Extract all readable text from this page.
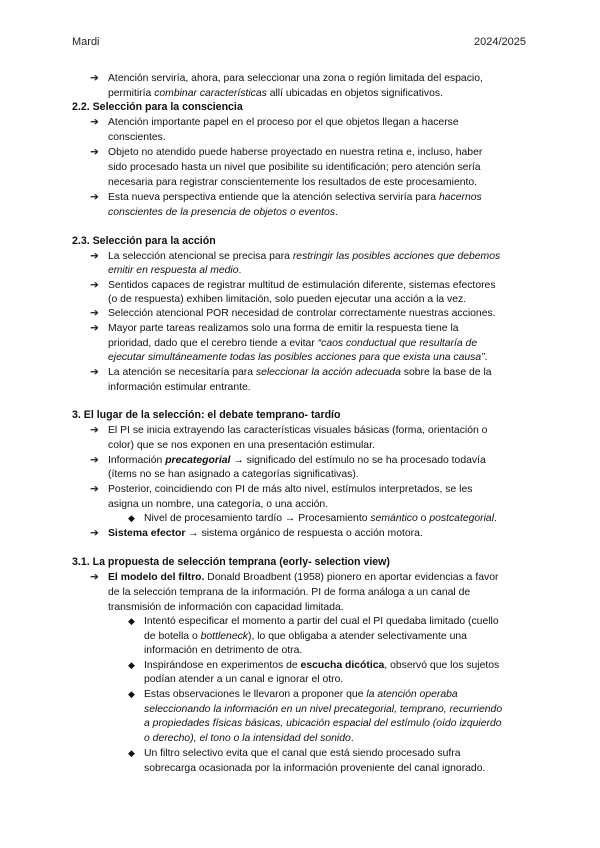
Mardi	2024/2025
➔ Atención serviría, ahora, para seleccionar una zona o región limitada del espacio,
permitiría combinar características allí ubicadas en objetos significativos.
2.2. Selección para la consciencia
➔ Atención importante papel en el proceso por el que objetos llegan a hacerse
conscientes.
➔ Objeto no atendido puede haberse proyectado en nuestra retina e, incluso, haber
sido procesado hasta un nivel que posibilite su identificación; pero atención sería
necesaria para registrar conscientemente los resultados de este procesamiento.
➔ Esta nueva perspectiva entiende que la atención selectiva serviría para hacernos
conscientes de la presencia de objetos o eventos.
2.3. Selección para la acción
➔ La selección atencional se precisa para restringir las posibles acciones que debemos
emitir en respuesta al medio.
➔ Sentidos capaces de registrar multitud de estimulación diferente, sistemas efectores
(o de respuesta) exhiben limitación, solo pueden ejecutar una acción a la vez.
➔ Selección atencional POR necesidad de controlar correctamente nuestras acciones.
➔ Mayor parte tareas realizamos solo una forma de emitir la respuesta tiene la
prioridad, dado que el cerebro tiende a evitar “caos conductual que resultaría de
ejecutar simultáneamente todas las posibles acciones para que exista una causa”.
➔ La atención se necesitaría para seleccionar la acción adecuada sobre la base de la
información estimular entrante.
3. El lugar de la selección: el debate temprano- tardío
➔ El PI se inicia extrayendo las características visuales básicas (forma, orientación o
color) que se nos exponen en una presentación estimular.
➔ Información precategorial → significado del estímulo no se ha procesado todavía
(ítems no se han asignado a categorías significativas).
➔ Posterior, coincidiendo con PI de más alto nivel, estímulos interpretados, se les
asigna un nombre, una categoría, o una acción.
◆ Nivel de procesamiento tardío → Procesamiento semántico o postcategorial.
➔ Sistema efector → sistema orgánico de respuesta o acción motora.
3.1. La propuesta de selección temprana (eorly- selection view)
➔ El modelo del filtro. Donald Broadbent (1958) pionero en aportar evidencias a favor
de la selección temprana de la información. PI de forma análoga a un canal de
transmisión de información con capacidad limitada.
◆ Intentó especificar el momento a partir del cual el PI quedaba limitado (cuello
de botella o bottleneck), lo que obligaba a atender selectivamente una
información en detrimento de otra.
◆ Inspirándose en experimentos de escucha dicótica, observó que los sujetos
podían atender a un canal e ignorar el otro.
◆ Estas observaciones le llevaron a proponer que la atención operaba
seleccionando la información en un nivel precategorial, temprano, recurriendo
a propiedades físicas básicas, ubicación espacial del estímulo (oído izquierdo
o derecho), el tono o la intensidad del sonido.
◆ Un filtro selectivo evita que el canal que está siendo procesado sufra
sobrecarga ocasionada por la información proveniente del canal ignorado.
